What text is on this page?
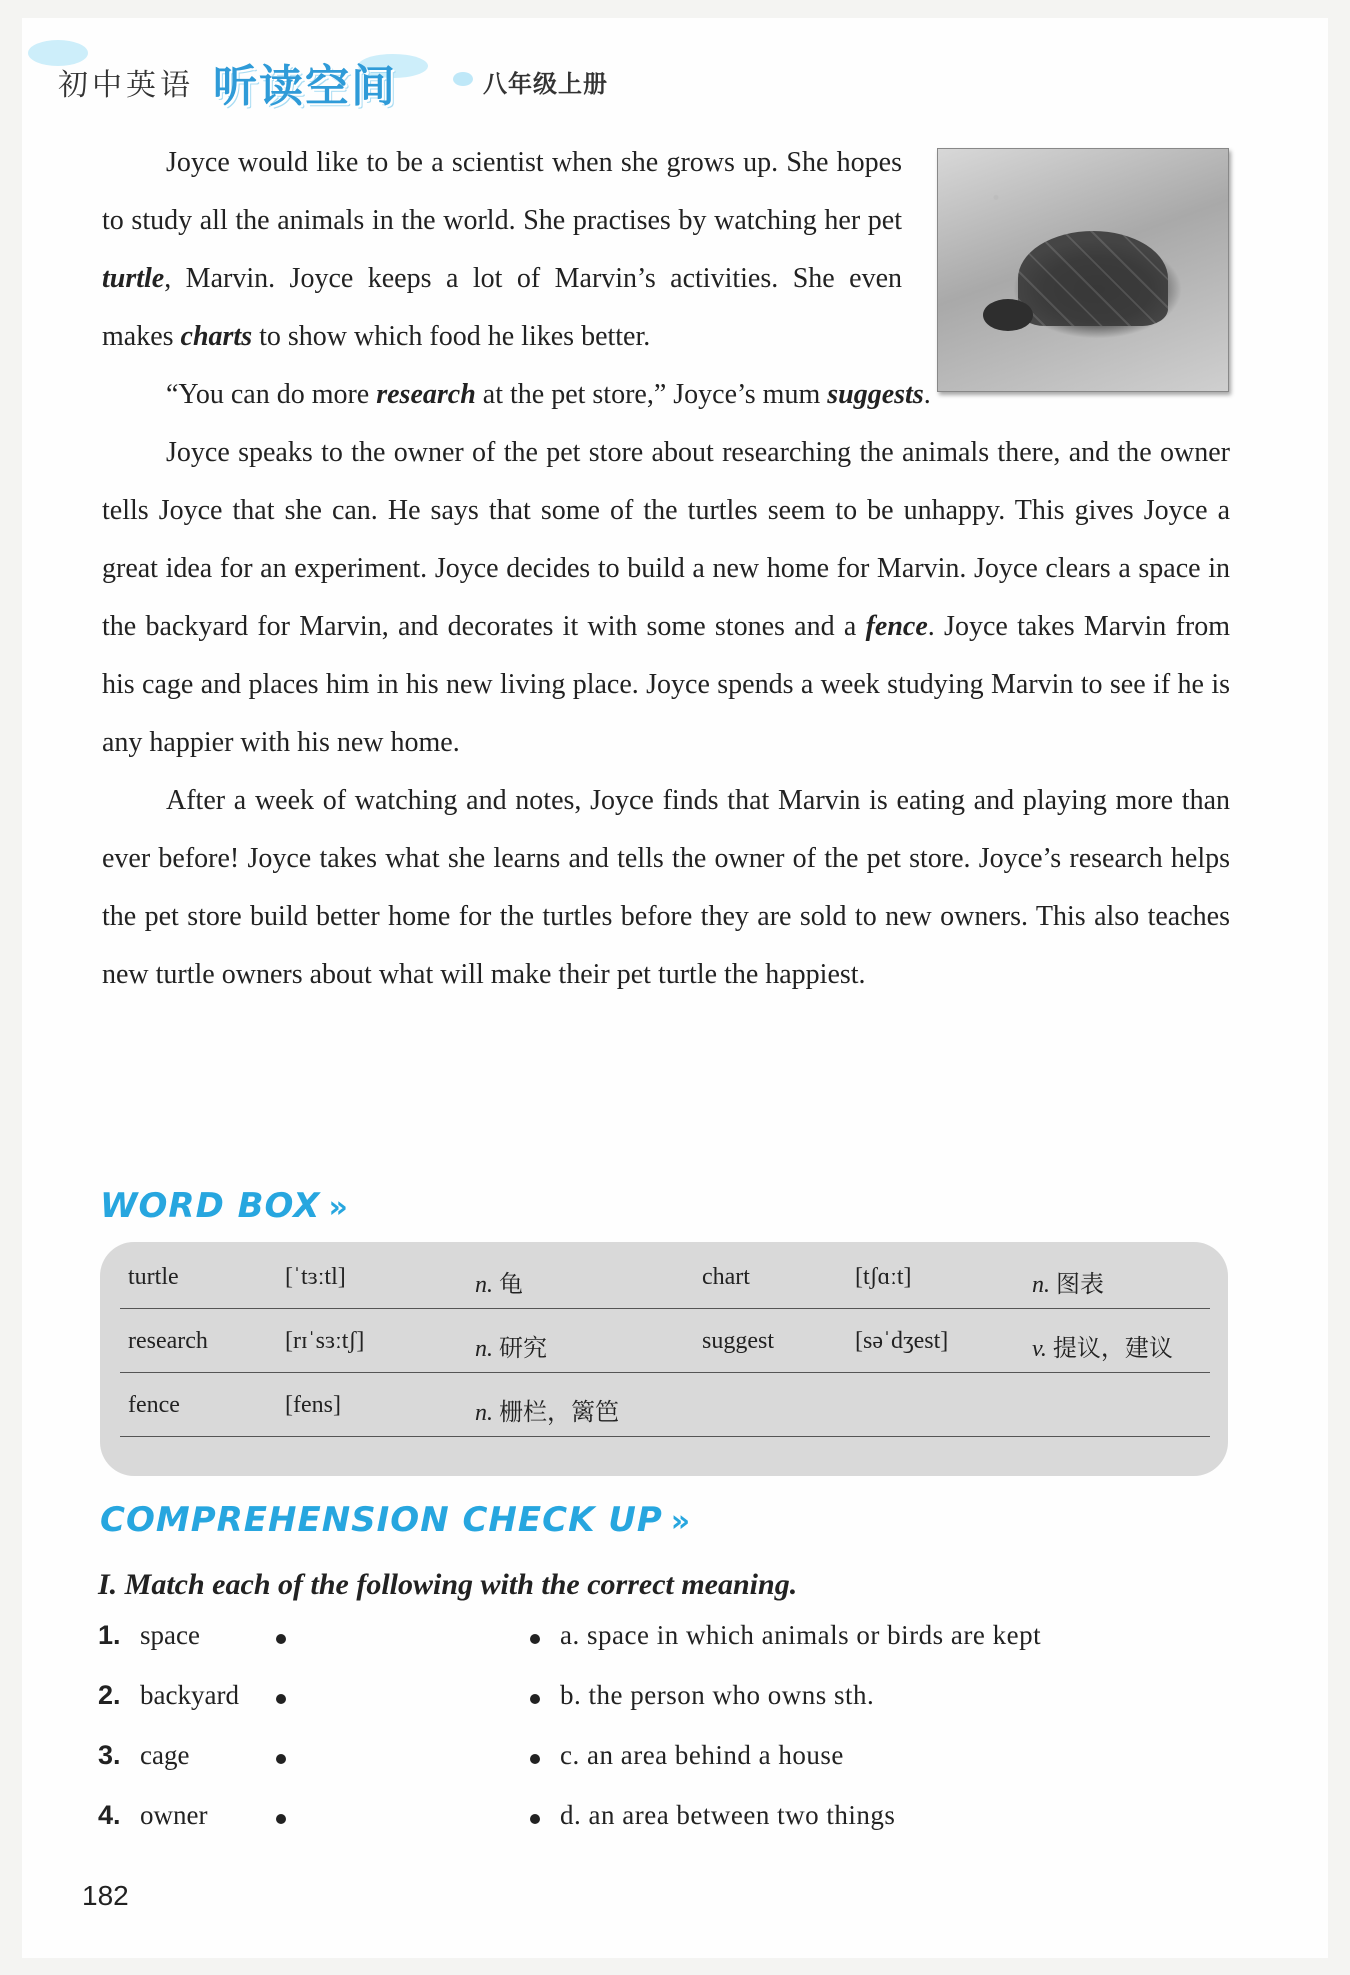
初中英语 听读空间	八年级上册

Joyce would like to be a scientist when she grows up. She hopes to study all the animals in the world. She practises by watching her pet turtle, Marvin. Joyce keeps a lot of Marvin’s activities. She even makes charts to show which food he likes better.

“You can do more research at the pet store,” Joyce’s mum suggests.

Joyce speaks to the owner of the pet store about researching the animals there, and the owner tells Joyce that she can. He says that some of the turtles seem to be unhappy. This gives Joyce a great idea for an experiment. Joyce decides to build a new home for Marvin. Joyce clears a space in the backyard for Marvin, and decorates it with some stones and a fence. Joyce takes Marvin from his cage and places him in his new living place. Joyce spends a week studying Marvin to see if he is any happier with his new home.

After a week of watching and notes, Joyce finds that Marvin is eating and playing more than ever before! Joyce takes what she learns and tells the owner of the pet store. Joyce’s research helps the pet store build better home for the turtles before they are sold to new owners. This also teaches new turtle owners about what will make their pet turtle the happiest.

WORD BOX »
turtle	[ˈtɜːtl]	n. 龟	chart	[tʃɑːt]	n. 图表
research	[rɪˈsɜːtʃ]	n. 研究	suggest	[səˈdʒest]	v. 提议，建议
fence	[fens]	n. 栅栏，篱笆
COMPREHENSION CHECK UP »
I. Match each of the following with the correct meaning.
1. space	a. space in which animals or birds are kept
2. backyard	b. the person who owns sth.
3. cage	c. an area behind a house
4. owner	d. an area between two things
182
